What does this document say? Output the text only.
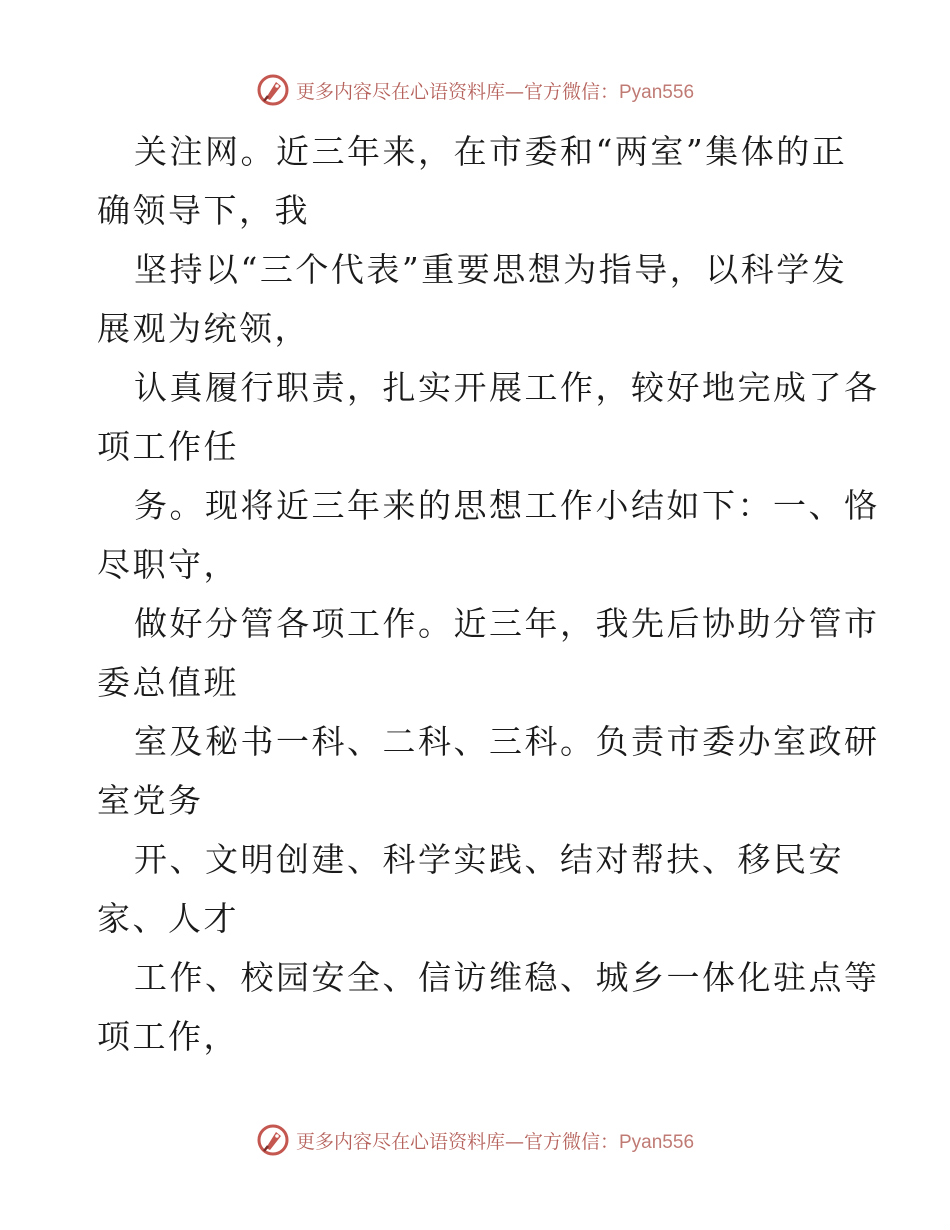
更多内容尽在心语资料库—官方微信：Pyan556
关注网。近三年来，在市委和“两室”集体的正
确领导下，我
坚持以“三个代表”重要思想为指导，以科学发
展观为统领，
认真履行职责，扎实开展工作，较好地完成了各
项工作任
务。现将近三年来的思想工作小结如下：一、恪
尽职守，
做好分管各项工作。近三年，我先后协助分管市
委总值班
室及秘书一科、二科、三科。负责市委办室政研
室党务
开、文明创建、科学实践、结对帮扶、移民安
家、人才
工作、校园安全、信访维稳、城乡一体化驻点等
项工作，
更多内容尽在心语资料库—官方微信：Pyan556
